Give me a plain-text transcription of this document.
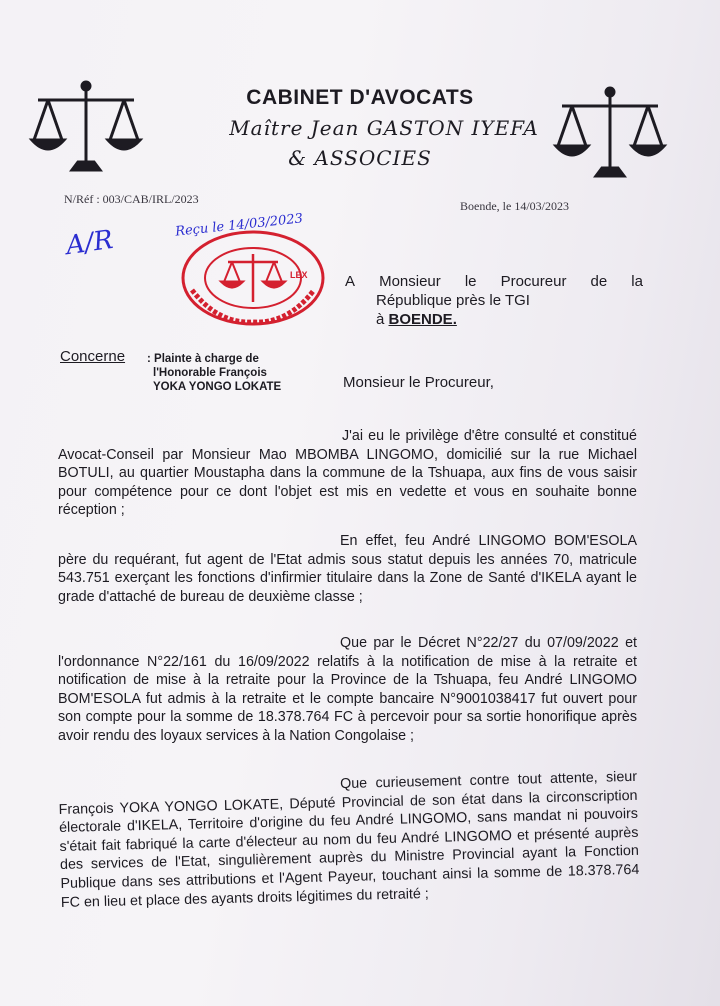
CABINET D'AVOCATS
Maître Jean GASTON IYEFA
& ASSOCIES
N/Réf : 003/CAB/IRL/2023	Boende, le 14/03/2023
A/R	Reçu le 14/03/2023
LEX A Monsieur le Procureur de la
République près le TGI
à BOENDE.
Concerne : Plainte à charge de
l'Honorable François
YOKA YONGO LOKATE	Monsieur le Procureur,
J'ai eu le privilège d'être consulté et constitué Avocat-Conseil par Monsieur Mao MBOMBA LINGOMO, domicilié sur la rue Michael BOTULI, au quartier Moustapha dans la commune de la Tshuapa, aux fins de vous saisir pour compétence pour ce dont l'objet est mis en vedette et vous en souhaite bonne réception ;
En effet, feu André LINGOMO BOM'ESOLA père du requérant, fut agent de l'Etat admis sous statut depuis les années 70, matricule 543.751 exerçant les fonctions d'infirmier titulaire dans la Zone de Santé d'IKELA ayant le grade d'attaché de bureau de deuxième classe ;
Que par le Décret N°22/27 du 07/09/2022 et l'ordonnance N°22/161 du 16/09/2022 relatifs à la notification de mise à la retraite et notification de mise à la retraite pour la Province de la Tshuapa, feu André LINGOMO BOM'ESOLA fut admis à la retraite et le compte bancaire N°9001038417 fut ouvert pour son compte pour la somme de 18.378.764 FC à percevoir pour sa sortie honorifique après avoir rendu des loyaux services à la Nation Congolaise ;
Que curieusement contre tout attente, sieur François YOKA YONGO LOKATE, Député Provincial de son état dans la circonscription électorale d'IKELA, Territoire d'origine du feu André LINGOMO, sans mandat ni pouvoirs s'était fait fabriqué la carte d'électeur au nom du feu André LINGOMO et présenté auprès des services de l'Etat, singulièrement auprès du Ministre Provincial ayant la Fonction Publique dans ses attributions et l'Agent Payeur, touchant ainsi la somme de 18.378.764 FC en lieu et place des ayants droits légitimes du retraité ;
